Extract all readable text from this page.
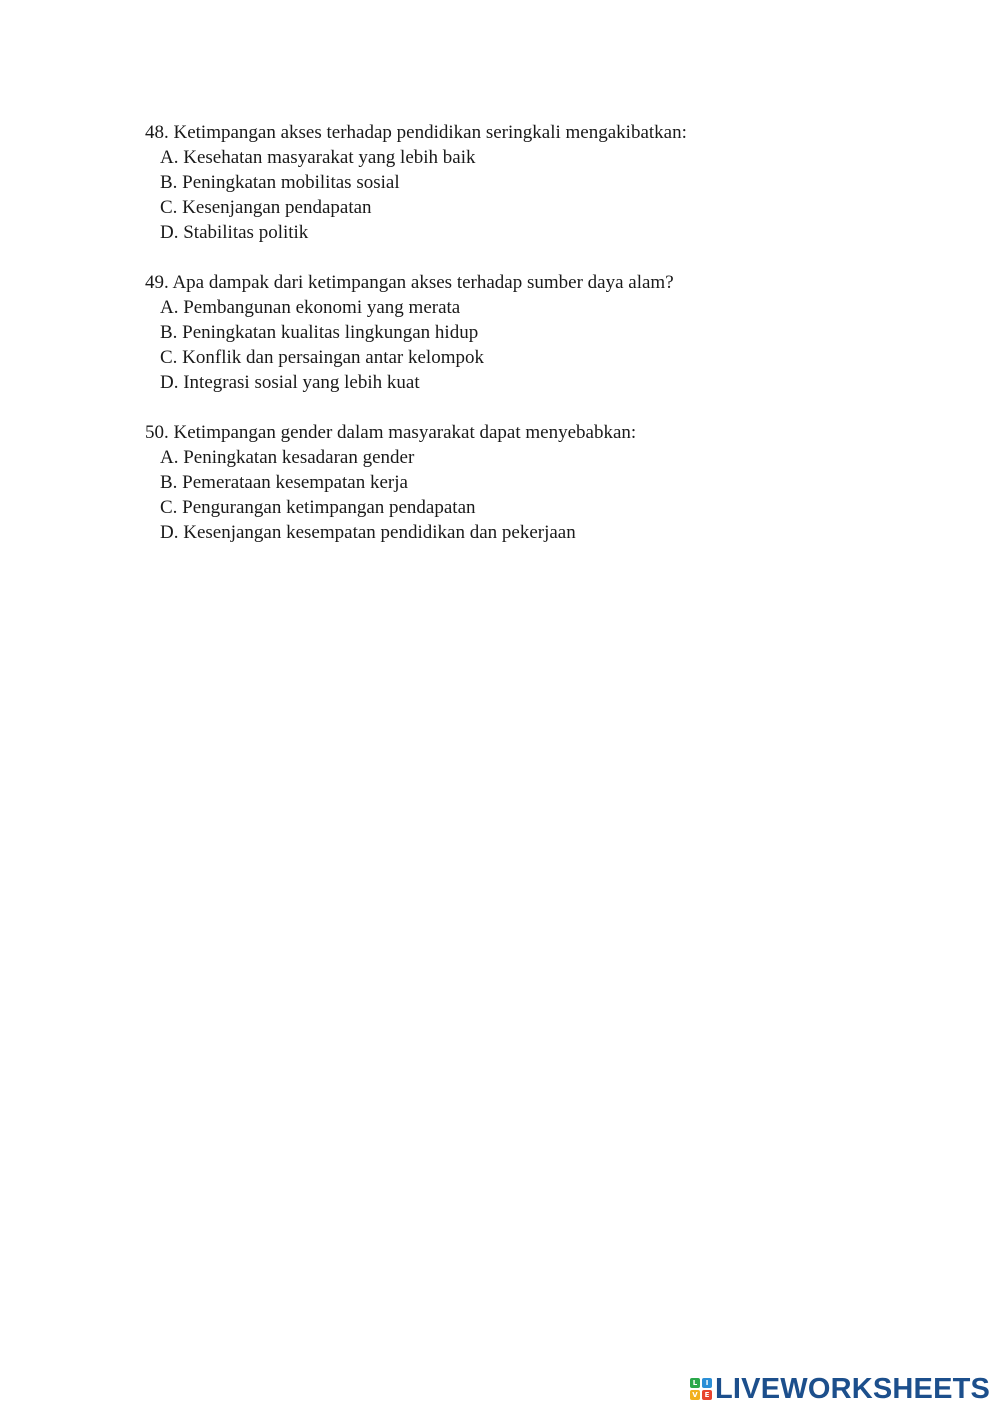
48. Ketimpangan akses terhadap pendidikan seringkali mengakibatkan:
A. Kesehatan masyarakat yang lebih baik
B. Peningkatan mobilitas sosial
C. Kesenjangan pendapatan
D. Stabilitas politik
49. Apa dampak dari ketimpangan akses terhadap sumber daya alam?
A. Pembangunan ekonomi yang merata
B. Peningkatan kualitas lingkungan hidup
C. Konflik dan persaingan antar kelompok
D. Integrasi sosial yang lebih kuat
50. Ketimpangan gender dalam masyarakat dapat menyebabkan:
A. Peningkatan kesadaran gender
B. Pemerataan kesempatan kerja
C. Pengurangan ketimpangan pendapatan
D. Kesenjangan kesempatan pendidikan dan pekerjaan
L	I
V E LIVEWORKSHEETS
